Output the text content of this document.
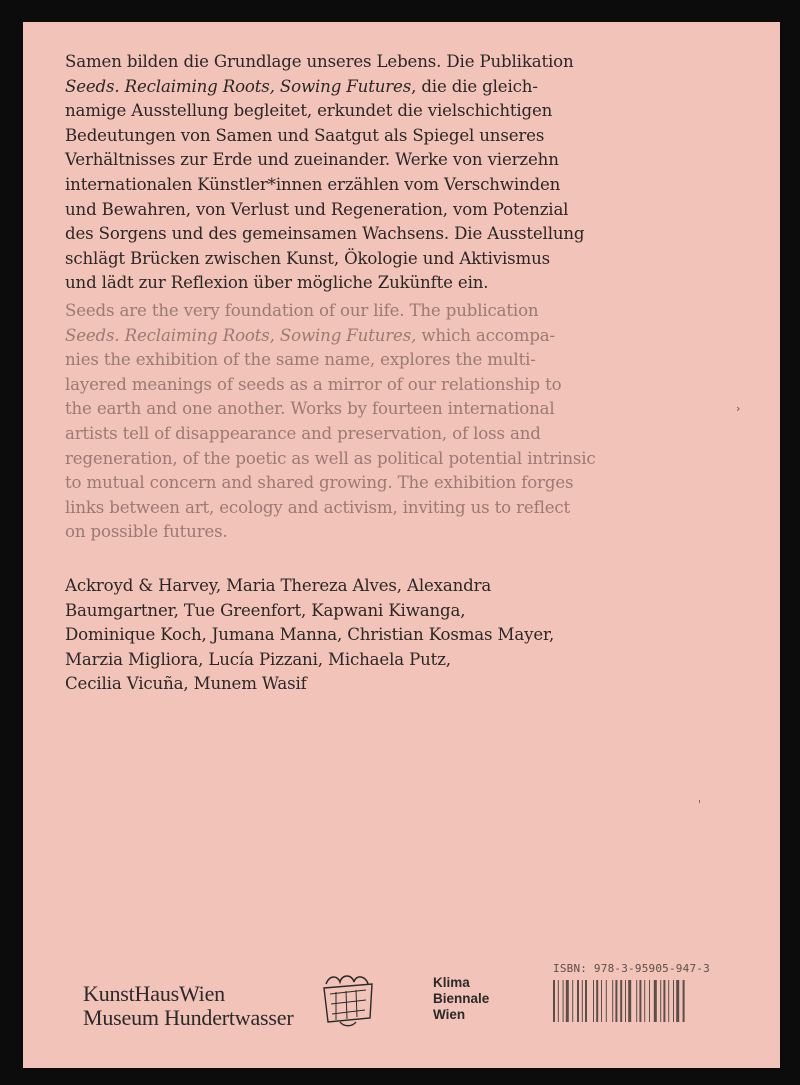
Samen bilden die Grundlage unseres Lebens. Die Publikation
Seeds. Reclaiming Roots, Sowing Futures, die die gleich-
namige Ausstellung begleitet, erkundet die vielschichtigen
Bedeutungen von Samen und Saatgut als Spiegel unseres
Verhältnisses zur Erde und zueinander. Werke von vierzehn
internationalen Künstler*innen erzählen vom Verschwinden
und Bewahren, von Verlust und Regeneration, vom Potenzial
des Sorgens und des gemeinsamen Wachsens. Die Ausstellung
schlägt Brücken zwischen Kunst, Ökologie und Aktivismus
und lädt zur Reflexion über mögliche Zukünfte ein.
Seeds are the very foundation of our life. The publication
Seeds. Reclaiming Roots, Sowing Futures, which accompa-
nies the exhibition of the same name, explores the multi-
layered meanings of seeds as a mirror of our relationship to
the earth and one another. Works by fourteen international
artists tell of disappearance and preservation, of loss and
regeneration, of the poetic as well as political potential intrinsic
to mutual concern and shared growing. The exhibition forges
links between art, ecology and activism, inviting us to reflect
on possible futures.
Ackroyd & Harvey, Maria Thereza Alves, Alexandra
Baumgartner, Tue Greenfort, Kapwani Kiwanga,
Dominique Koch, Jumana Manna, Christian Kosmas Mayer,
Marzia Migliora, Lucía Pizzani, Michaela Putz,
Cecilia Vicuña, Munem Wasif
›
'
KunstHausWien
Museum Hundertwasser
Klima
Biennale
Wien
ISBN: 978-3-95905-947-3
